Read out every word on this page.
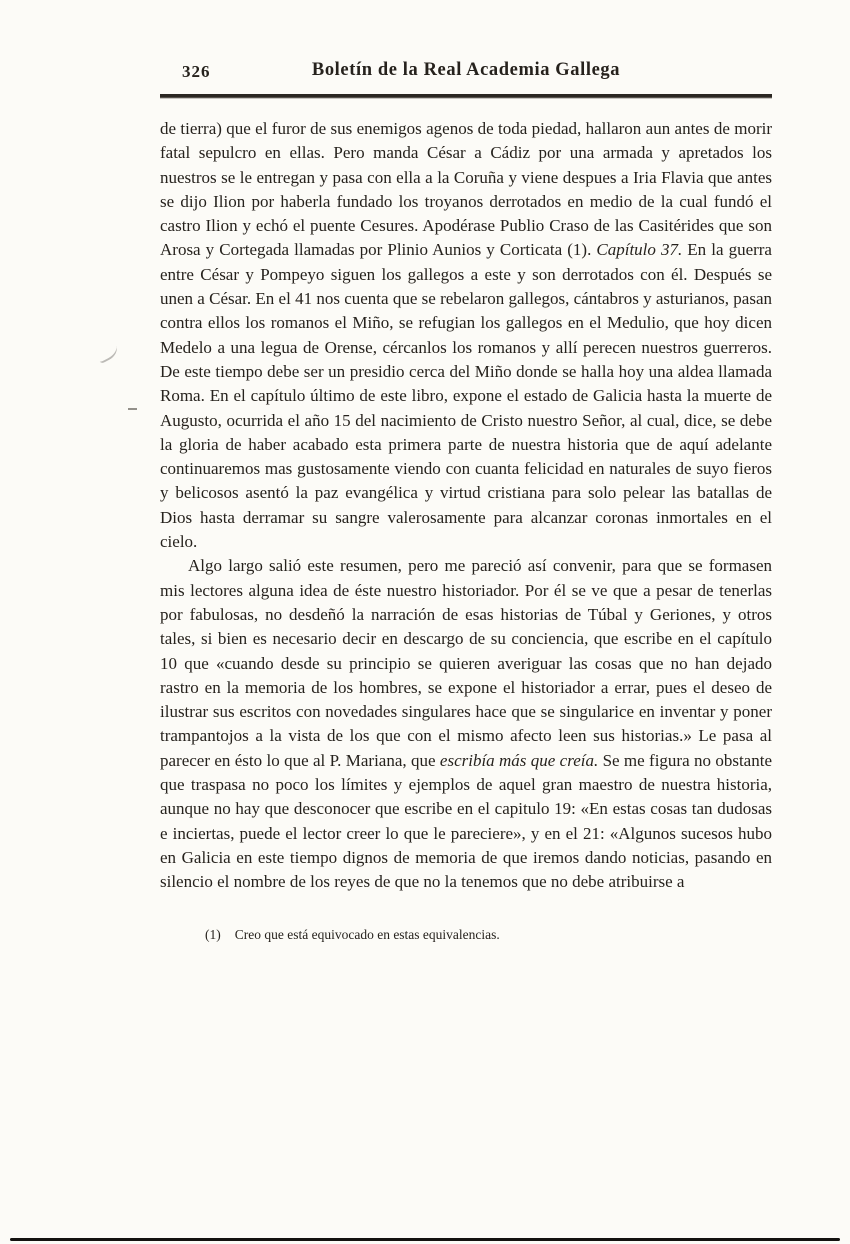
326	Boletín de la Real Academia Gallega

de tierra) que el furor de sus enemigos agenos de toda piedad, hallaron aun antes de morir fatal sepulcro en ellas. Pero manda César a Cádiz por una armada y apretados los nuestros se le entregan y pasa con ella a la Coruña y viene despues a Iria Flavia que antes se dijo Ilion por haberla fundado los troyanos derrotados en medio de la cual fundó el castro Ilion y echó el puente Cesures. Apodérase Publio Craso de las Casitérides que son Arosa y Cortegada llamadas por Plinio Aunios y Corticata (1). Capítulo 37. En la guerra entre César y Pompeyo siguen los gallegos a este y son derrotados con él. Después se unen a César. En el 41 nos cuenta que se rebelaron gallegos, cántabros y asturianos, pasan contra ellos los romanos el Miño, se refugian los gallegos en el Medulio, que hoy dicen Medelo a una legua de Orense, cércanlos los romanos y allí perecen nuestros guerreros. De este tiempo debe ser un presidio cerca del Miño donde se halla hoy una aldea llamada Roma. En el capítulo último de este libro, expone el estado de Galicia hasta la muerte de Augusto, ocurrida el año 15 del nacimiento de Cristo nuestro Señor, al cual, dice, se debe la gloria de haber acabado esta primera parte de nuestra historia que de aquí adelante continuaremos mas gustosamente viendo con cuanta felicidad en naturales de suyo fieros y belicosos asentó la paz evangélica y virtud cristiana para solo pelear las batallas de Dios hasta derramar su sangre valerosamente para alcanzar coronas inmortales en el cielo.

Algo largo salió este resumen, pero me pareció así convenir, para que se formasen mis lectores alguna idea de éste nuestro historiador. Por él se ve que a pesar de tenerlas por fabulosas, no desdeñó la narración de esas historias de Túbal y Geriones, y otros tales, si bien es necesario decir en descargo de su conciencia, que escribe en el capítulo 10 que «cuando desde su principio se quieren averiguar las cosas que no han dejado rastro en la memoria de los hombres, se expone el historiador a errar, pues el deseo de ilustrar sus escritos con novedades singulares hace que se singularice en inventar y poner trampantojos a la vista de los que con el mismo afecto leen sus historias.» Le pasa al parecer en ésto lo que al P. Mariana, que escribía más que creía. Se me figura no obstante que traspasa no poco los límites y ejemplos de aquel gran maestro de nuestra historia, aunque no hay que desconocer que escribe en el capitulo 19: «En estas cosas tan dudosas e inciertas, puede el lector creer lo que le pareciere», y en el 21: «Algunos sucesos hubo en Galicia en este tiempo dignos de memoria de que iremos dando noticias, pasando en silencio el nombre de los reyes de que no la tenemos que no debe atribuirse a

(1) Creo que está equivocado en estas equivalencias.
